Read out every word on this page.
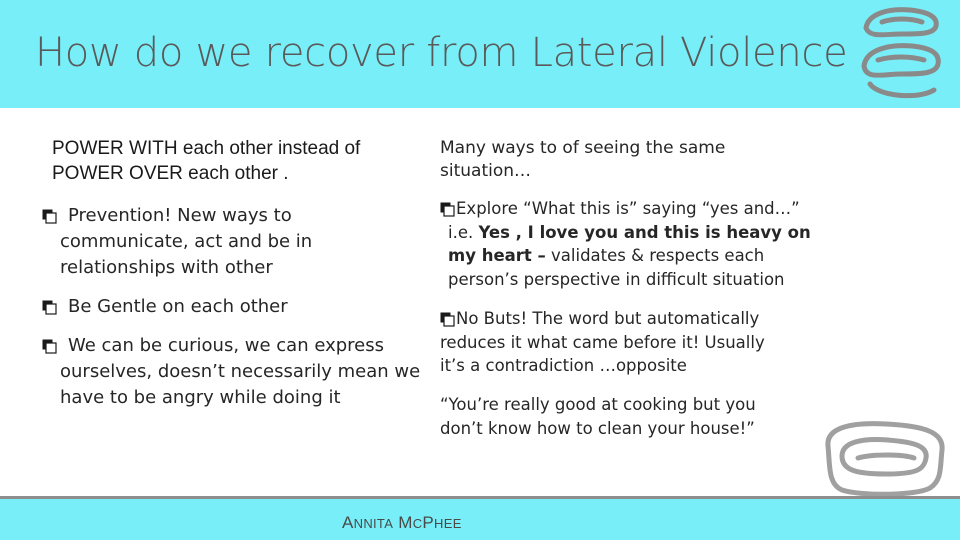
How do we recover from Lateral Violence
POWER WITH each other instead of
POWER OVER each other .
Prevention! New ways to
communicate, act and be in
relationships with other
Be Gentle on each other
We can be curious, we can express
ourselves, doesn’t necessarily mean we
have to be angry while doing it
Many ways to of seeing the same situation…
Explore “What this is” saying “yes and…”
i.e. Yes , I love you and this is heavy on my heart – validates & respects each person’s perspective in difficult situation
No Buts! The word but automatically
reduces it what came before it! Usually
it’s a contradiction …opposite
“You’re really good at cooking but you
don’t know how to clean your house!”
ANNITA MCPHEE
